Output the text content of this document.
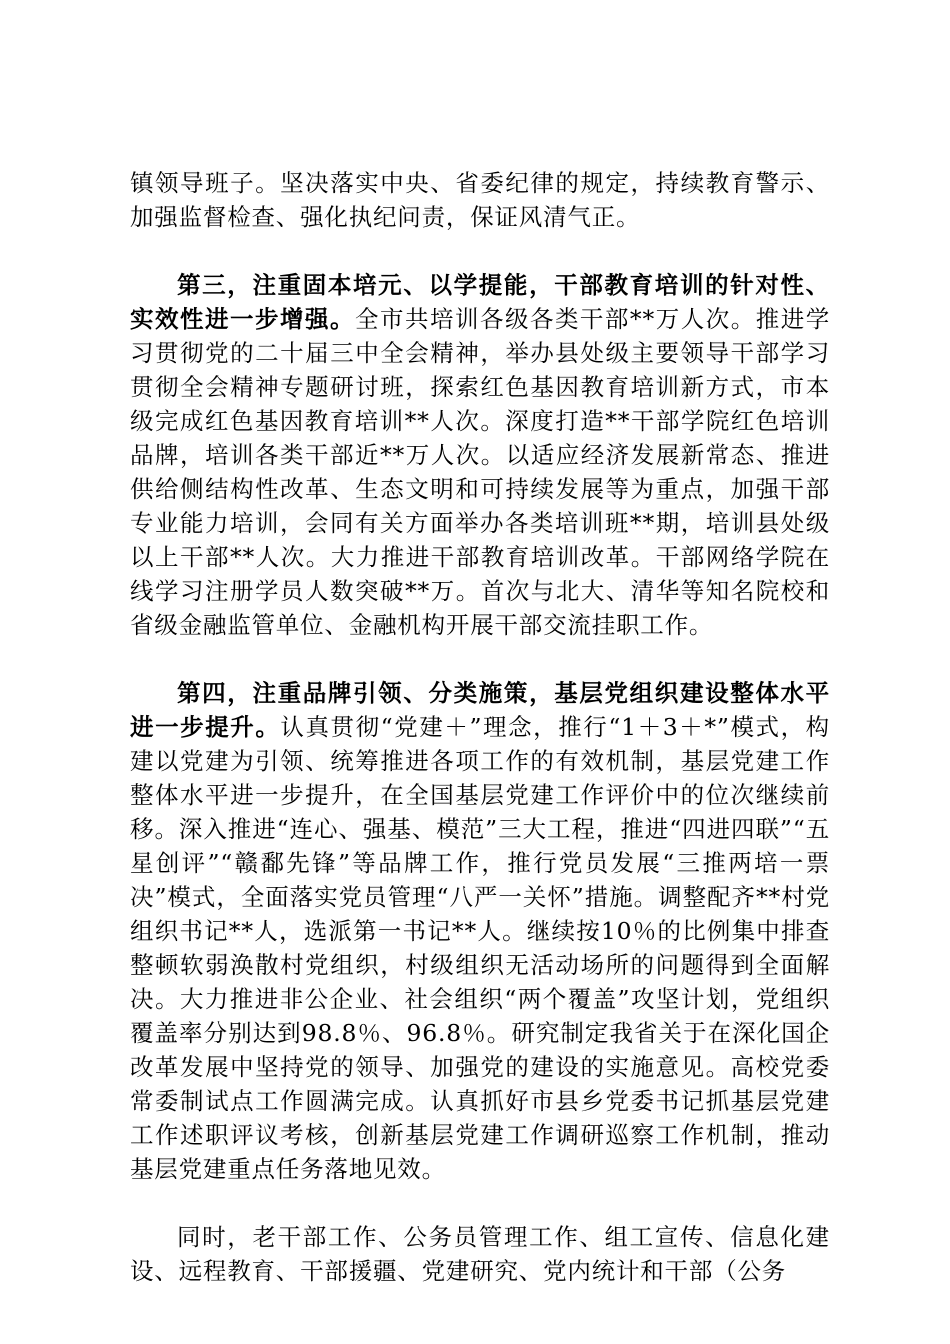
镇领导班子。坚决落实中央、省委纪律的规定，持续教育警示、加强监督检查、强化执纪问责，保证风清气正。

第三，注重固本培元、以学提能，干部教育培训的针对性、实效性进一步增强。全市共培训各级各类干部**万人次。推进学习贯彻党的二十届三中全会精神，举办县处级主要领导干部学习贯彻全会精神专题研讨班，探索红色基因教育培训新方式，市本级完成红色基因教育培训**人次。深度打造**干部学院红色培训品牌，培训各类干部近**万人次。以适应经济发展新常态、推进供给侧结构性改革、生态文明和可持续发展等为重点，加强干部专业能力培训，会同有关方面举办各类培训班**期，培训县处级以上干部**人次。大力推进干部教育培训改革。干部网络学院在线学习注册学员人数突破**万。首次与北大、清华等知名院校和省级金融监管单位、金融机构开展干部交流挂职工作。

第四，注重品牌引领、分类施策，基层党组织建设整体水平进一步提升。认真贯彻“党建＋”理念，推行“1＋3＋*”模式，构建以党建为引领、统筹推进各项工作的有效机制，基层党建工作整体水平进一步提升，在全国基层党建工作评价中的位次继续前移。深入推进“连心、强基、模范”三大工程，推进“四进四联”“五星创评”“赣鄱先锋”等品牌工作，推行党员发展“三推两培一票决”模式，全面落实党员管理“八严一关怀”措施。调整配齐**村党组织书记**人，选派第一书记**人。继续按10％的比例集中排查整顿软弱涣散村党组织，村级组织无活动场所的问题得到全面解决。大力推进非公企业、社会组织“两个覆盖”攻坚计划，党组织覆盖率分别达到98.8％、96.8％。研究制定我省关于在深化国企改革发展中坚持党的领导、加强党的建设的实施意见。高校党委常委制试点工作圆满完成。认真抓好市县乡党委书记抓基层党建工作述职评议考核，创新基层党建工作调研巡察工作机制，推动基层党建重点任务落地见效。

同时，老干部工作、公务员管理工作、组工宣传、信息化建设、远程教育、干部援疆、党建研究、党内统计和干部（公务
